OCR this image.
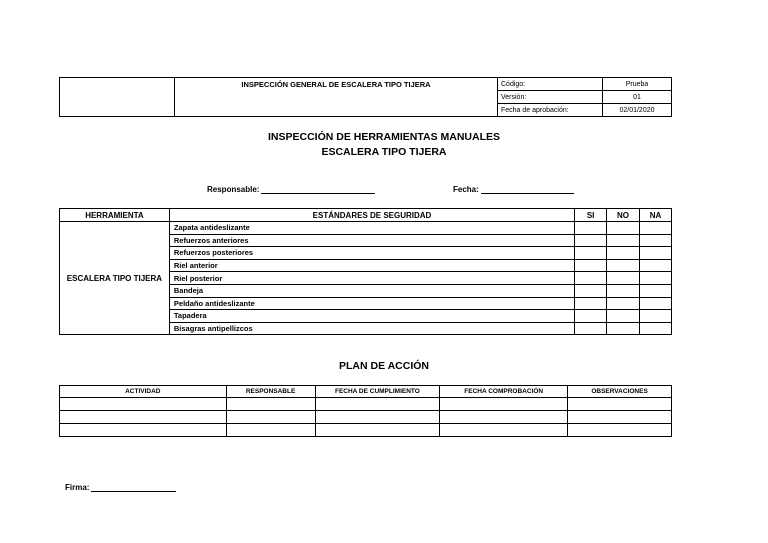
	INSPECCIÓN GENERAL DE ESCALERA TIPO TIJERA	Código:	Prueba
		Versión:	01
		Fecha de aprobación:	02/01/2020
INSPECCIÓN DE HERRAMIENTAS MANUALES
ESCALERA TIPO TIJERA
Responsable:	Fecha:
HERRAMIENTA	ESTÁNDARES DE SEGURIDAD	SI	NO	NA
ESCALERA TIPO TIJERA	Zapata antideslizante			
	Refuerzos anteriores			
	Refuerzos posteriores			
	Riel anterior			
	Riel posterior			
	Bandeja			
	Peldaño antideslizante			
	Tapadera			
	Bisagras antipellizcos			
PLAN DE ACCIÓN
ACTIVIDAD	RESPONSABLE	FECHA DE CUMPLIMIENTO	FECHA COMPROBACIÓN	OBSERVACIONES

Firma:
